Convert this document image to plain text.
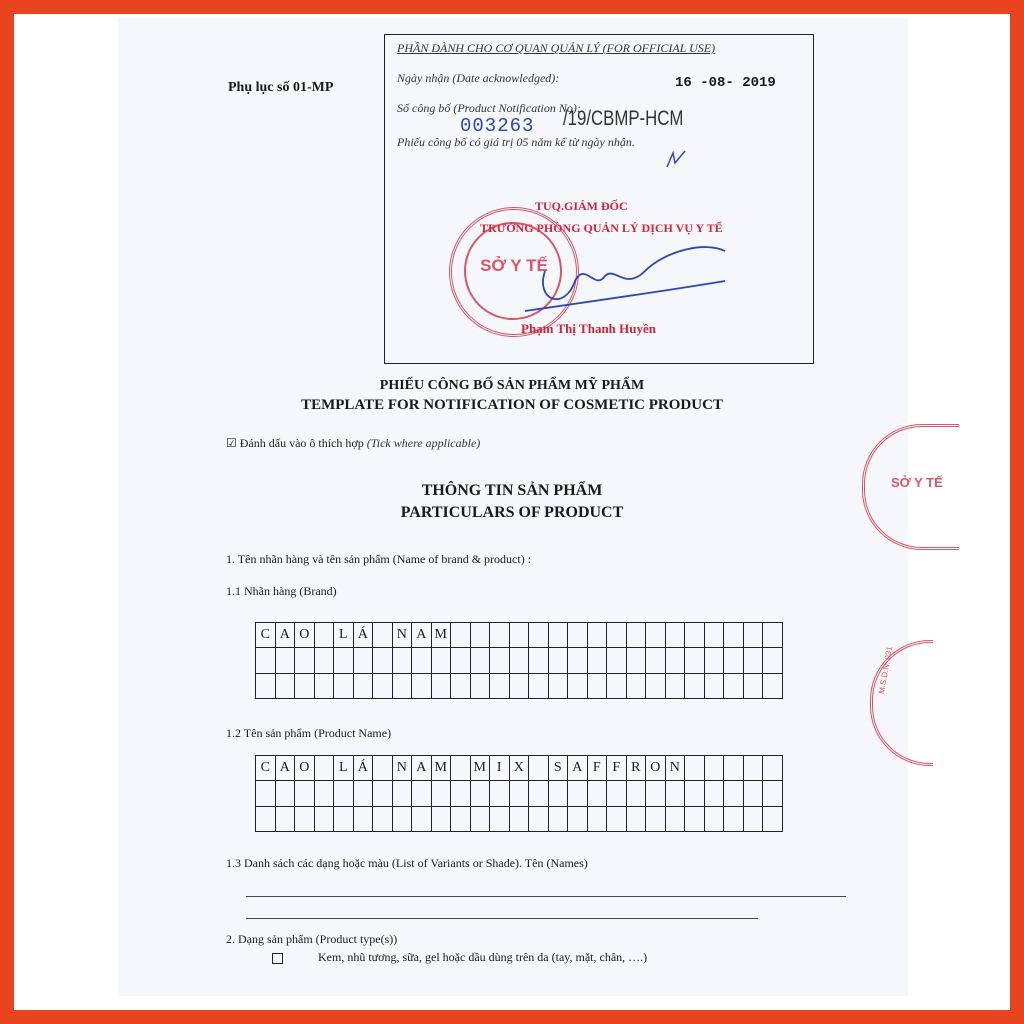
Phụ lục số 01-MP
PHẦN DÀNH CHO CƠ QUAN QUẢN LÝ (FOR OFFICIAL USE)
Ngày nhận (Date acknowledged):	16 -08- 2019
Số công bố (Product Notification No):
003263 /19/CBMP-HCM
Phiếu công bố có giá trị 05 năm kể từ ngày nhận.
TUQ.GIÁM ĐỐC
TRƯỞNG PHÒNG QUẢN LÝ DỊCH VỤ Y TẾ
SỞ Y TẾ
Phạm Thị Thanh Huyền
PHIẾU CÔNG BỐ SẢN PHẨM MỸ PHẨM
TEMPLATE FOR NOTIFICATION OF COSMETIC PRODUCT
☑ Đánh dấu vào ô thích hợp (Tick where applicable)
THÔNG TIN SẢN PHẨM
PARTICULARS OF PRODUCT
1. Tên nhãn hàng và tên sản phẩm (Name of brand & product) :
1.1 Nhãn hàng (Brand)
C A O	L Á	N A M
1.2 Tên sản phẩm (Product Name)
C A O	L Á	N A M M I X	S A F F R O N
1.3 Danh sách các dạng hoặc màu (List of Variants or Shade). Tên (Names)
2. Dạng sản phẩm (Product type(s))
Kem, nhũ tương, sữa, gel hoặc dầu dùng trên da (tay, mặt, chân, ….)
SỞ Y TẾ
M.S.D.N: 031
